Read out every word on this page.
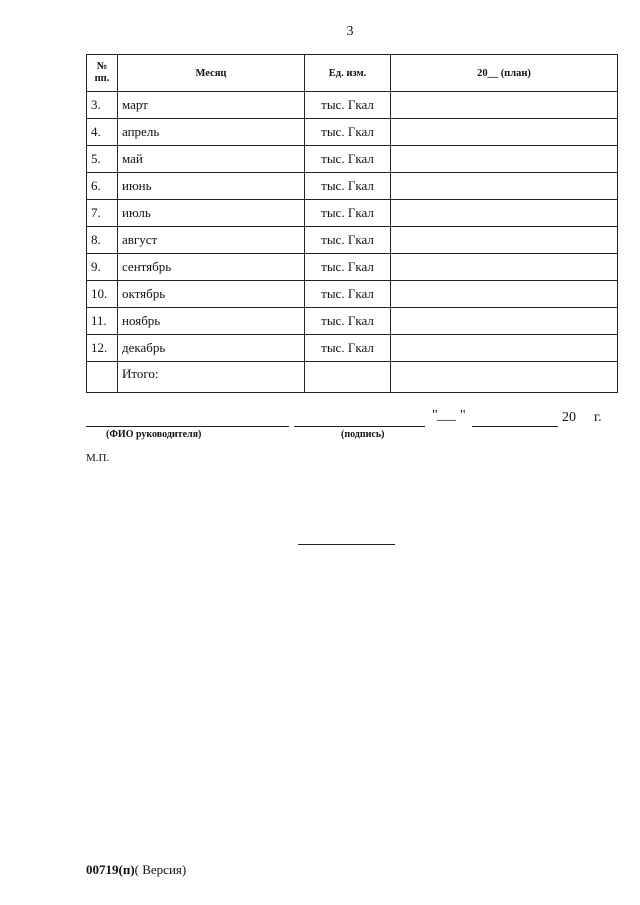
3
№
пп.	Месяц	Ед. изм.	20__ (план)
3.	март	тыс. Гкал	
4.	апрель	тыс. Гкал	
5.	май	тыс. Гкал	
6.	июнь	тыс. Гкал	
7.	июль	тыс. Гкал	
8.	август	тыс. Гкал	
9.	сентябрь	тыс. Гкал	
10.	октябрь	тыс. Гкал	
11.	ноябрь	тыс. Гкал	
12.	декабрь	тыс. Гкал	
	Итого:		
" ___ "	20 г.
(ФИО руководителя)	(подпись)
М.П.
00719(п)( Версия)
